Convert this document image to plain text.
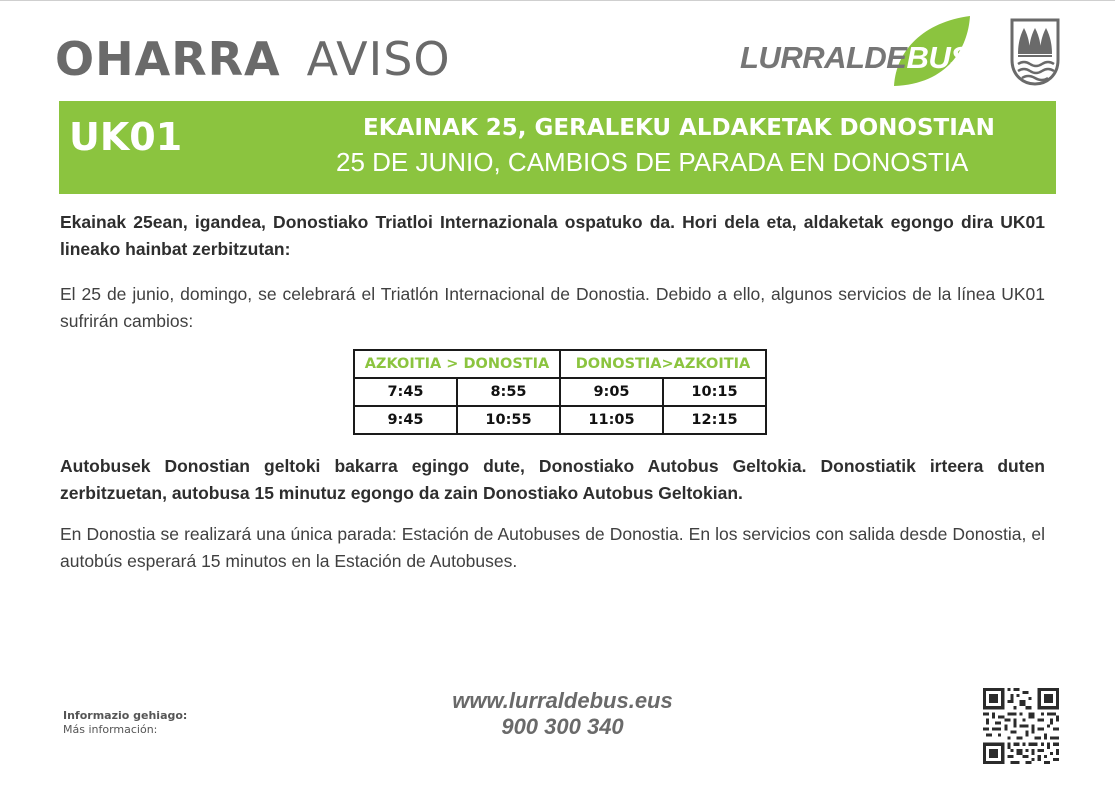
OHARRA AVISO	LURRALDEBUS
UK01	EKAINAK 25, GERALEKU ALDAKETAK DONOSTIAN
25 DE JUNIO, CAMBIOS DE PARADA EN DONOSTIA
Ekainak 25ean, igandea, Donostiako Triatloi Internazionala ospatuko da. Hori dela eta, aldaketak egongo dira UK01 lineako hainbat zerbitzutan:
El 25 de junio, domingo, se celebrará el Triatlón Internacional de Donostia. Debido a ello, algunos servicios de la línea UK01 sufrirán cambios:
AZKOITIA > DONOSTIA		DONOSTIA>AZKOITIA	
7:45	8:55	9:05	10:15
9:45	10:55	11:05	12:15
Autobusek Donostian geltoki bakarra egingo dute, Donostiako Autobus Geltokia. Donostiatik irteera duten zerbitzuetan, autobusa 15 minutuz egongo da zain Donostiako Autobus Geltokian.
En Donostia se realizará una única parada: Estación de Autobuses de Donostia. En los servicios con salida desde Donostia, el autobús esperará 15 minutos en la Estación de Autobuses.
Informazio gehiago:
Más información:
www.lurraldebus.eus
900 300 340
